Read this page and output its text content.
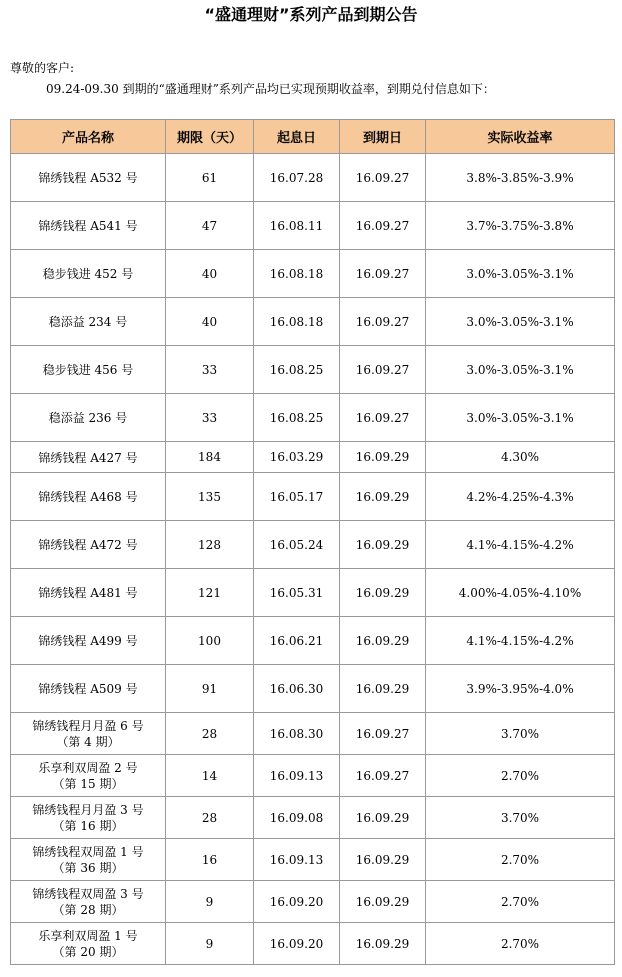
“盛通理财”系列产品到期公告
尊敬的客户:
09.24-09.30 到期的“盛通理财”系列产品均已实现预期收益率，到期兑付信息如下：
产品名称	期限（天）	起息日	到期日	实际收益率

锦绣钱程 A532 号	61	16.07.28	16.09.27	3.8%-3.85%-3.9%

锦绣钱程 A541 号	47	16.08.11	16.09.27	3.7%-3.75%-3.8%

稳步钱进 452 号	40	16.08.18	16.09.27	3.0%-3.05%-3.1%

稳添益 234 号	40	16.08.18	16.09.27	3.0%-3.05%-3.1%

稳步钱进 456 号	33	16.08.25	16.09.27	3.0%-3.05%-3.1%

稳添益 236 号	33	16.08.25	16.09.27	3.0%-3.05%-3.1%

锦绣钱程 A427 号	184	16.03.29	16.09.29	4.30%

锦绣钱程 A468 号	135	16.05.17	16.09.29	4.2%-4.25%-4.3%

锦绣钱程 A472 号	128	16.05.24	16.09.29	4.1%-4.15%-4.2%

锦绣钱程 A481 号	121	16.05.31	16.09.29	4.00%-4.05%-4.10%

锦绣钱程 A499 号	100	16.06.21	16.09.29	4.1%-4.15%-4.2%

锦绣钱程 A509 号	91	16.06.30	16.09.29	3.9%-3.95%-4.0%

锦绣钱程月月盈 6 号
（第 4 期）	28	16.08.30	16.09.27	3.70%

乐享利双周盈 2 号
（第 15 期）	14	16.09.13	16.09.27	2.70%

锦绣钱程月月盈 3 号
（第 16 期）	28	16.09.08	16.09.29	3.70%

锦绣钱程双周盈 1 号
（第 36 期）	16	16.09.13	16.09.29	2.70%

锦绣钱程双周盈 3 号
（第 28 期）	9	16.09.20	16.09.29	2.70%

乐享利双周盈 1 号
（第 20 期）	9	16.09.20	16.09.29	2.70%
